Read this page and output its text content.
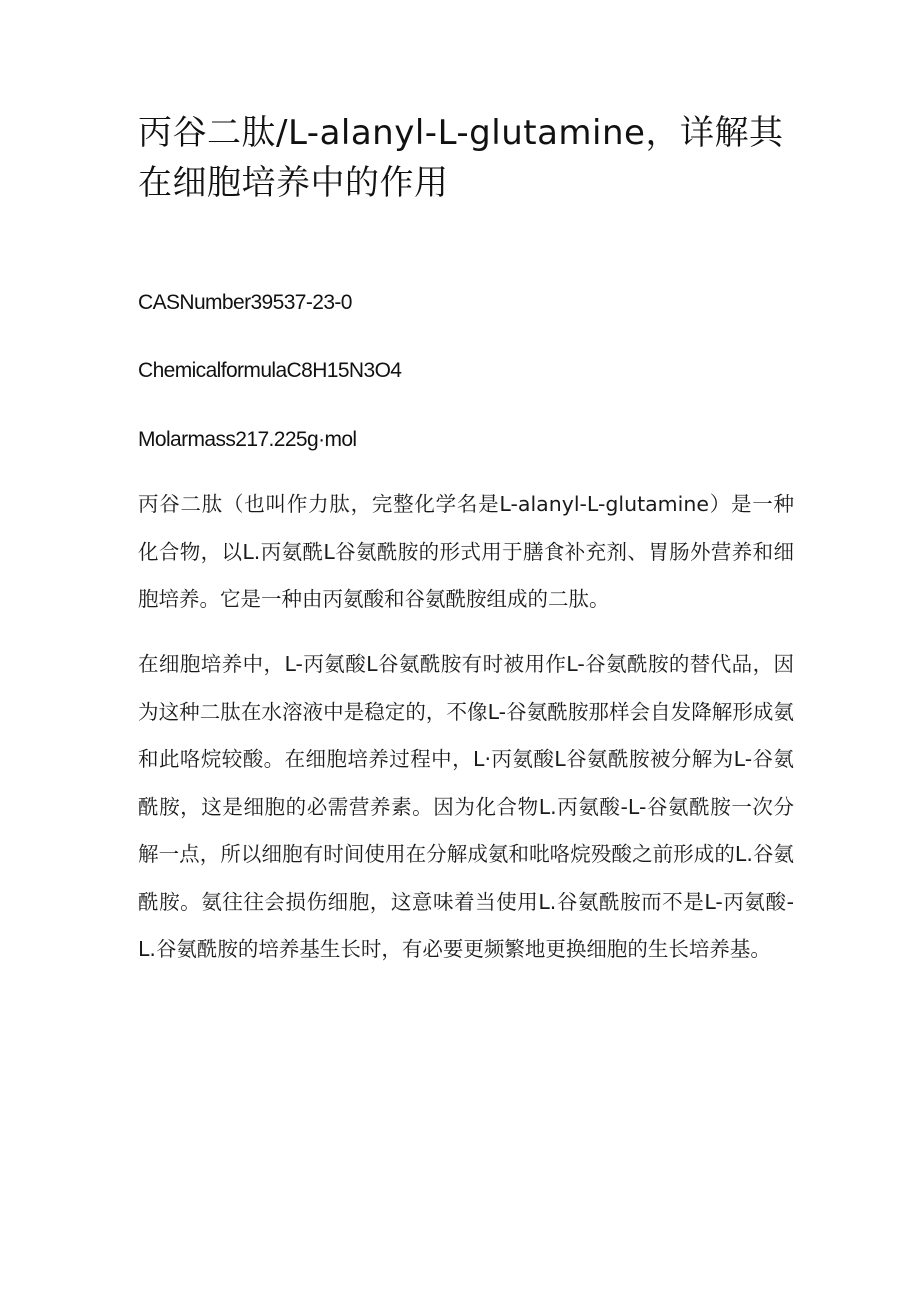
丙谷二肽/L-alanyl-L-glutamine，详解其在细胞培养中的作用

CASNumber39537-23-0

ChemicalformulaC8H15N3O4

Molarmass217.225g·mol

丙谷二肽（也叫作力肽，完整化学名是L-alanyl-L-glutamine）是一种化合物，以L.丙氨酰L谷氨酰胺的形式用于膳食补充剂、胃肠外营养和细胞培养。它是一种由丙氨酸和谷氨酰胺组成的二肽。

在细胞培养中，L-丙氨酸L谷氨酰胺有时被用作L-谷氨酰胺的替代品，因为这种二肽在水溶液中是稳定的，不像L-谷氨酰胺那样会自发降解形成氨和此咯烷较酸。在细胞培养过程中，L·丙氨酸L谷氨酰胺被分解为L-谷氨酰胺，这是细胞的必需营养素。因为化合物L.丙氨酸-L-谷氨酰胺一次分解一点，所以细胞有时间使用在分解成氨和吡咯烷殁酸之前形成的L.谷氨酰胺。氨往往会损伤细胞，这意味着当使用L.谷氨酰胺而不是L-丙氨酸-L.谷氨酰胺的培养基生长时，有必要更频繁地更换细胞的生长培养基。
